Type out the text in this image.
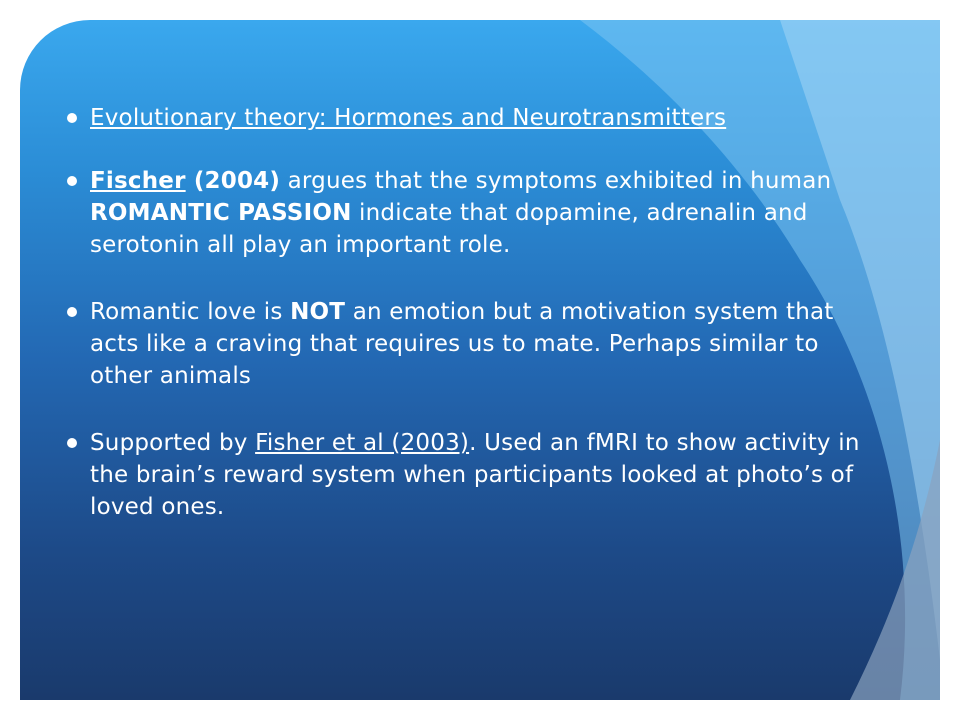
Evolutionary theory: Hormones and Neurotransmitters
Fischer (2004) argues that the symptoms exhibited in human ROMANTIC PASSION indicate that dopamine, adrenalin and serotonin all play an important role.
Romantic love is NOT an emotion but a motivation system that acts like a craving that requires us to mate. Perhaps similar to other animals
Supported by Fisher et al (2003). Used an fMRI to show activity in the brain’s reward system when participants looked at photo’s of loved ones.
